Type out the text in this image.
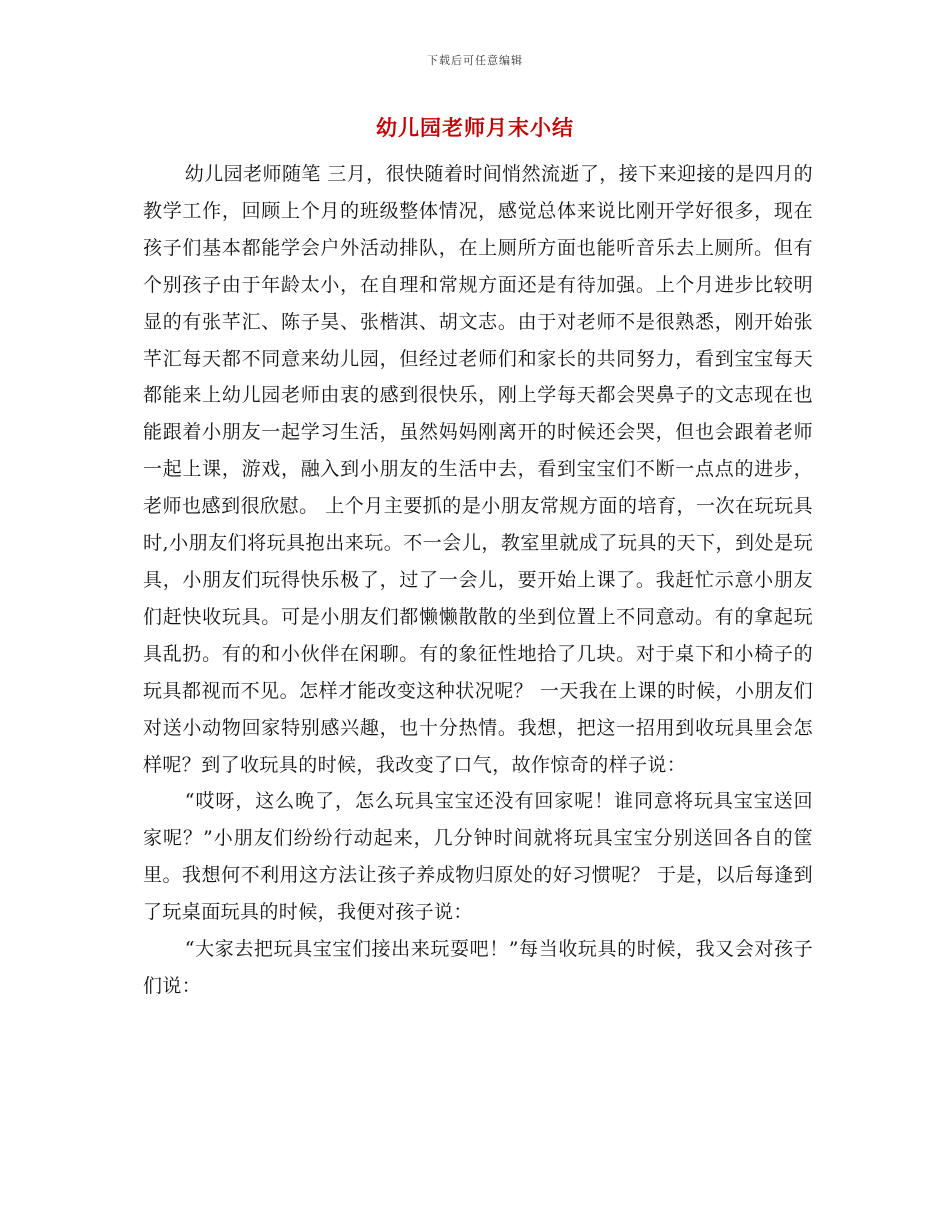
下载后可任意编辑
幼儿园老师月末小结

幼儿园老师随笔 三月，很快随着时间悄然流逝了，接下来迎接的是四月的教学工作，回顾上个月的班级整体情况，感觉总体来说比刚开学好很多，现在孩子们基本都能学会户外活动排队，在上厕所方面也能听音乐去上厕所。但有个别孩子由于年龄太小，在自理和常规方面还是有待加强。上个月进步比较明显的有张芊汇、陈子昊、张楷淇、胡文志。由于对老师不是很熟悉，刚开始张芊汇每天都不同意来幼儿园，但经过老师们和家长的共同努力，看到宝宝每天都能来上幼儿园老师由衷的感到很快乐，刚上学每天都会哭鼻子的文志现在也能跟着小朋友一起学习生活，虽然妈妈刚离开的时候还会哭，但也会跟着老师一起上课，游戏，融入到小朋友的生活中去，看到宝宝们不断一点点的进步，老师也感到很欣慰。 上个月主要抓的是小朋友常规方面的培育，一次在玩玩具时,小朋友们将玩具抱出来玩。不一会儿，教室里就成了玩具的天下，到处是玩具，小朋友们玩得快乐极了，过了一会儿，要开始上课了。我赶忙示意小朋友们赶快收玩具。可是小朋友们都懒懒散散的坐到位置上不同意动。有的拿起玩具乱扔。有的和小伙伴在闲聊。有的象征性地拾了几块。对于桌下和小椅子的玩具都视而不见。怎样才能改变这种状况呢？ 一天我在上课的时候，小朋友们对送小动物回家特别感兴趣，也十分热情。我想，把这一招用到收玩具里会怎样呢？到了收玩具的时候，我改变了口气，故作惊奇的样子说：

“哎呀，这么晚了，怎么玩具宝宝还没有回家呢！谁同意将玩具宝宝送回家呢？”小朋友们纷纷行动起来，几分钟时间就将玩具宝宝分别送回各自的筐里。我想何不利用这方法让孩子养成物归原处的好习惯呢？ 于是，以后每逢到了玩桌面玩具的时候，我便对孩子说：

“大家去把玩具宝宝们接出来玩耍吧！”每当收玩具的时候，我又会对孩子们说：
